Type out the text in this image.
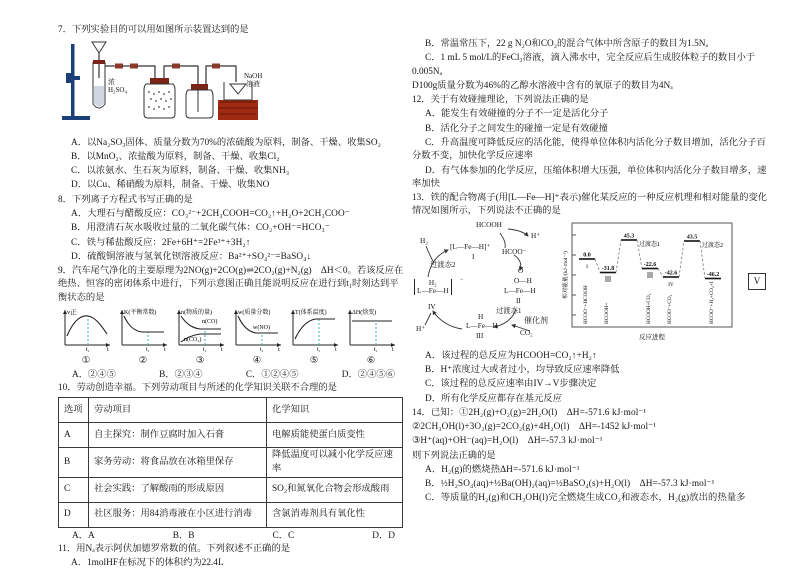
7．下列实验目的可以用如图所示装置达到的是

浓
H₂SO₄
NaOH
溶液

A．以Na₂SO₃固体、质量分数为70%的浓硫酸为原料，制备、干燥、收集SO₂

B．以MnO₂、浓盐酸为原料，制备、干燥、收集Cl₂

C．以浓氨水、生石灰为原料，制备、干燥、收集NH₃

D．以Cu、稀硝酸为原料，制备、干燥、收集NO

8．下列离子方程式书写正确的是

A．大理石与醋酸反应：CO₃²⁻+2CH₃COOH=CO₂↑+H₂O+2CH₃COO⁻

B．用澄清石灰水吸收过量的二氧化碳气体：CO₂+OH⁻=HCO₃⁻

C．铁与稀盐酸反应：2Fe+6H⁺=2Fe³⁺+3H₂↑

D．硫酸铜溶液与氢氧化钡溶液反应：Ba²⁺+SO₄²⁻=BaSO₄↓

9．汽车尾气净化的主要原理为2NO(g)+2CO(g)⇌2CO₂(g)+N₂(g)　ΔH＜0。若该反应在绝热、恒容的密闭体系中进行，下列示意图正确且能说明反应在进行到t₁时刻达到平衡状态的是

v正
t₁	t
①
K(平衡常数)
t₁ t
②
n(物质的量)
n(CO)
n(CO₂)
t₁ t
③
w(质量分数)
w(NO)
t₁ t
④
T(体系温度)
t₁ t
⑤
ΔH(焓变)
t₁ t
⑥
A．②④⑤	B．②③④	C．①②④⑤	D．②④⑤⑥

10．劳动创造幸福。下列劳动项目与所述的化学知识关联不合理的是

选项	劳动项目	化学知识
A	自主探究：制作豆腐时加入石膏	电解质能使蛋白质变性
B	家务劳动：将食品放在冰箱里保存	降低温度可以减小化学反应速率
C	社会实践：了解酸雨的形成原因	SO₂和氮氧化合物会形成酸雨
D	社区服务：用84消毒液在小区进行消毒	含氯消毒剂具有氧化性
A．A	B．B	C．C	D．D

11．用Nₐ表示阿伏加德罗常数的值。下列叙述不正确的是

A．1molHF在标况下的体积约为22.4L

B．常温常压下，22 g N₂O和CO₂的混合气体中所含原子的数目为1.5Nₐ

C．1 mL 5 mol/L的FeCl₃溶液，滴入沸水中，完全反应后生成胶体粒子的数目小于0.005Nₐ

D100g质量分数为46%的乙醇水溶液中含有的氧原子的数目为4Nₐ

12．关于有效碰撞理论，下列说法正确的是

A．能发生有效碰撞的分子不一定是活化分子

B．活化分子之间发生的碰撞一定是有效碰撞

C．升高温度可降低反应的活化能，使得单位体积内活化分子数目增加，活化分子百分数不变，加快化学反应速率

D．有气体参加的化学反应，压缩体积增大压强，单位体积内活化分子数目增多，速率加快

13．铁的配合物离子(用[L—Fe—H]⁺表示)催化某反应的一种反应机理和相对能量的变化情况如图所示，下列说法不正确的是

HCOOH
H⁺
HCOO⁻
[L—Fe—H]⁺
I
H₂
过渡态2
H₂
L—Fe—H
−
IV
H⁺
H
L—Fe—H
III
过渡态1
催化剂
CO₂
O
O—H
L—Fe—H
II
相对能量/(kJ·mol⁻¹) 0.0
-31.8
45.3
-22.6
-42.6
43.5
-46.2
过渡态1	过渡态2
I
IV
HCOO⁻+HCOOH	HCOOH+	HCOOH+CO₂	HCOO⁻+CO₂	HCOO⁻+H₂+CO₂+I
反应进程
V

A．该过程的总反应为HCOOH=CO₂↑+H₂↑

B．H⁺浓度过大或者过小，均导致反应速率降低

C．该过程的总反应速率由IV→V步骤决定

D．所有化学反应都存在基元反应

14．已知：①2H₂(g)+O₂(g)=2H₂O(l)　ΔH=-571.6 kJ·mol⁻¹

②2CH₃OH(l)+3O₂(g)=2CO₂(g)+4H₂O(l)　ΔH=-1452 kJ·mol⁻¹

③H⁺(aq)+OH⁻(aq)=H₂O(l)　ΔH=-57.3 kJ·mol⁻¹

则下列说法正确的是

A．H₂(g)的燃烧热ΔH=-571.6 kJ·mol⁻¹

B．½H₂SO₄(aq)+½Ba(OH)₂(aq)=½BaSO₄(s)+H₂O(l)　ΔH=-57.3 kJ·mol⁻¹

C．等质量的H₂(g)和CH₃OH(l)完全燃烧生成CO₂和液态水，H₂(g)放出的热量多
